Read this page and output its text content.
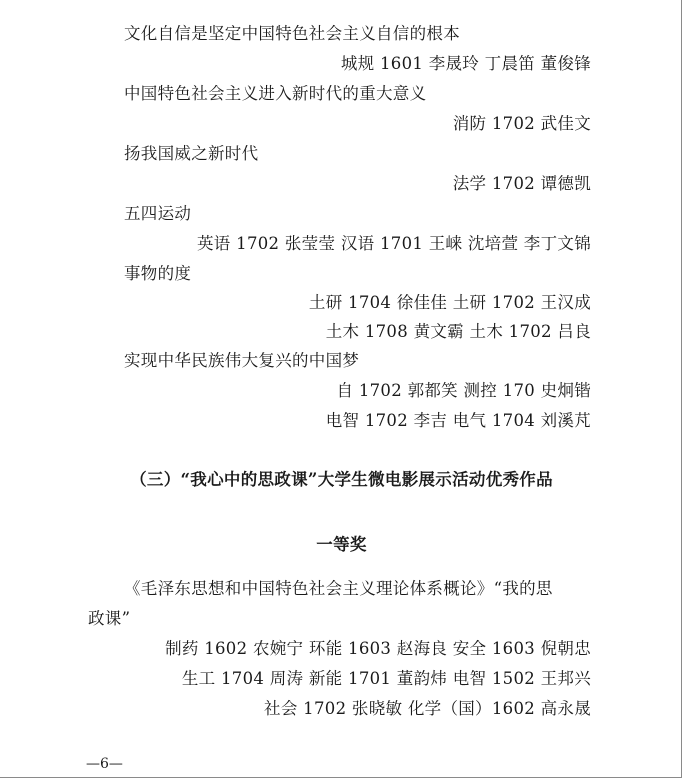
文化自信是坚定中国特色社会主义自信的根本
城规 1601 李晟玲 丁晨笛 董俊锋
中国特色社会主义进入新时代的重大意义
消防 1702 武佳文
扬我国威之新时代
法学 1702 谭德凯
五四运动
英语 1702 张莹莹 汉语 1701 王崃 沈培萱 李丁文锦
事物的度
土研 1704 徐佳佳 土研 1702 王汉成
土木 1708 黄文霸 土木 1702 吕良
实现中华民族伟大复兴的中国梦
自 1702 郭都笑 测控 170 史炯锴
电智 1702 李吉 电气 1704 刘溪芃
（三）“我心中的思政课”大学生微电影展示活动优秀作品
一等奖
《毛泽东思想和中国特色社会主义理论体系概论》“我的思
政课”
制药 1602 农婉宁 环能 1603 赵海良 安全 1603 倪朝忠
生工 1704 周涛 新能 1701 董韵炜 电智 1502 王邦兴
社会 1702 张晓敏 化学（国）1602 高永晟
—6—
